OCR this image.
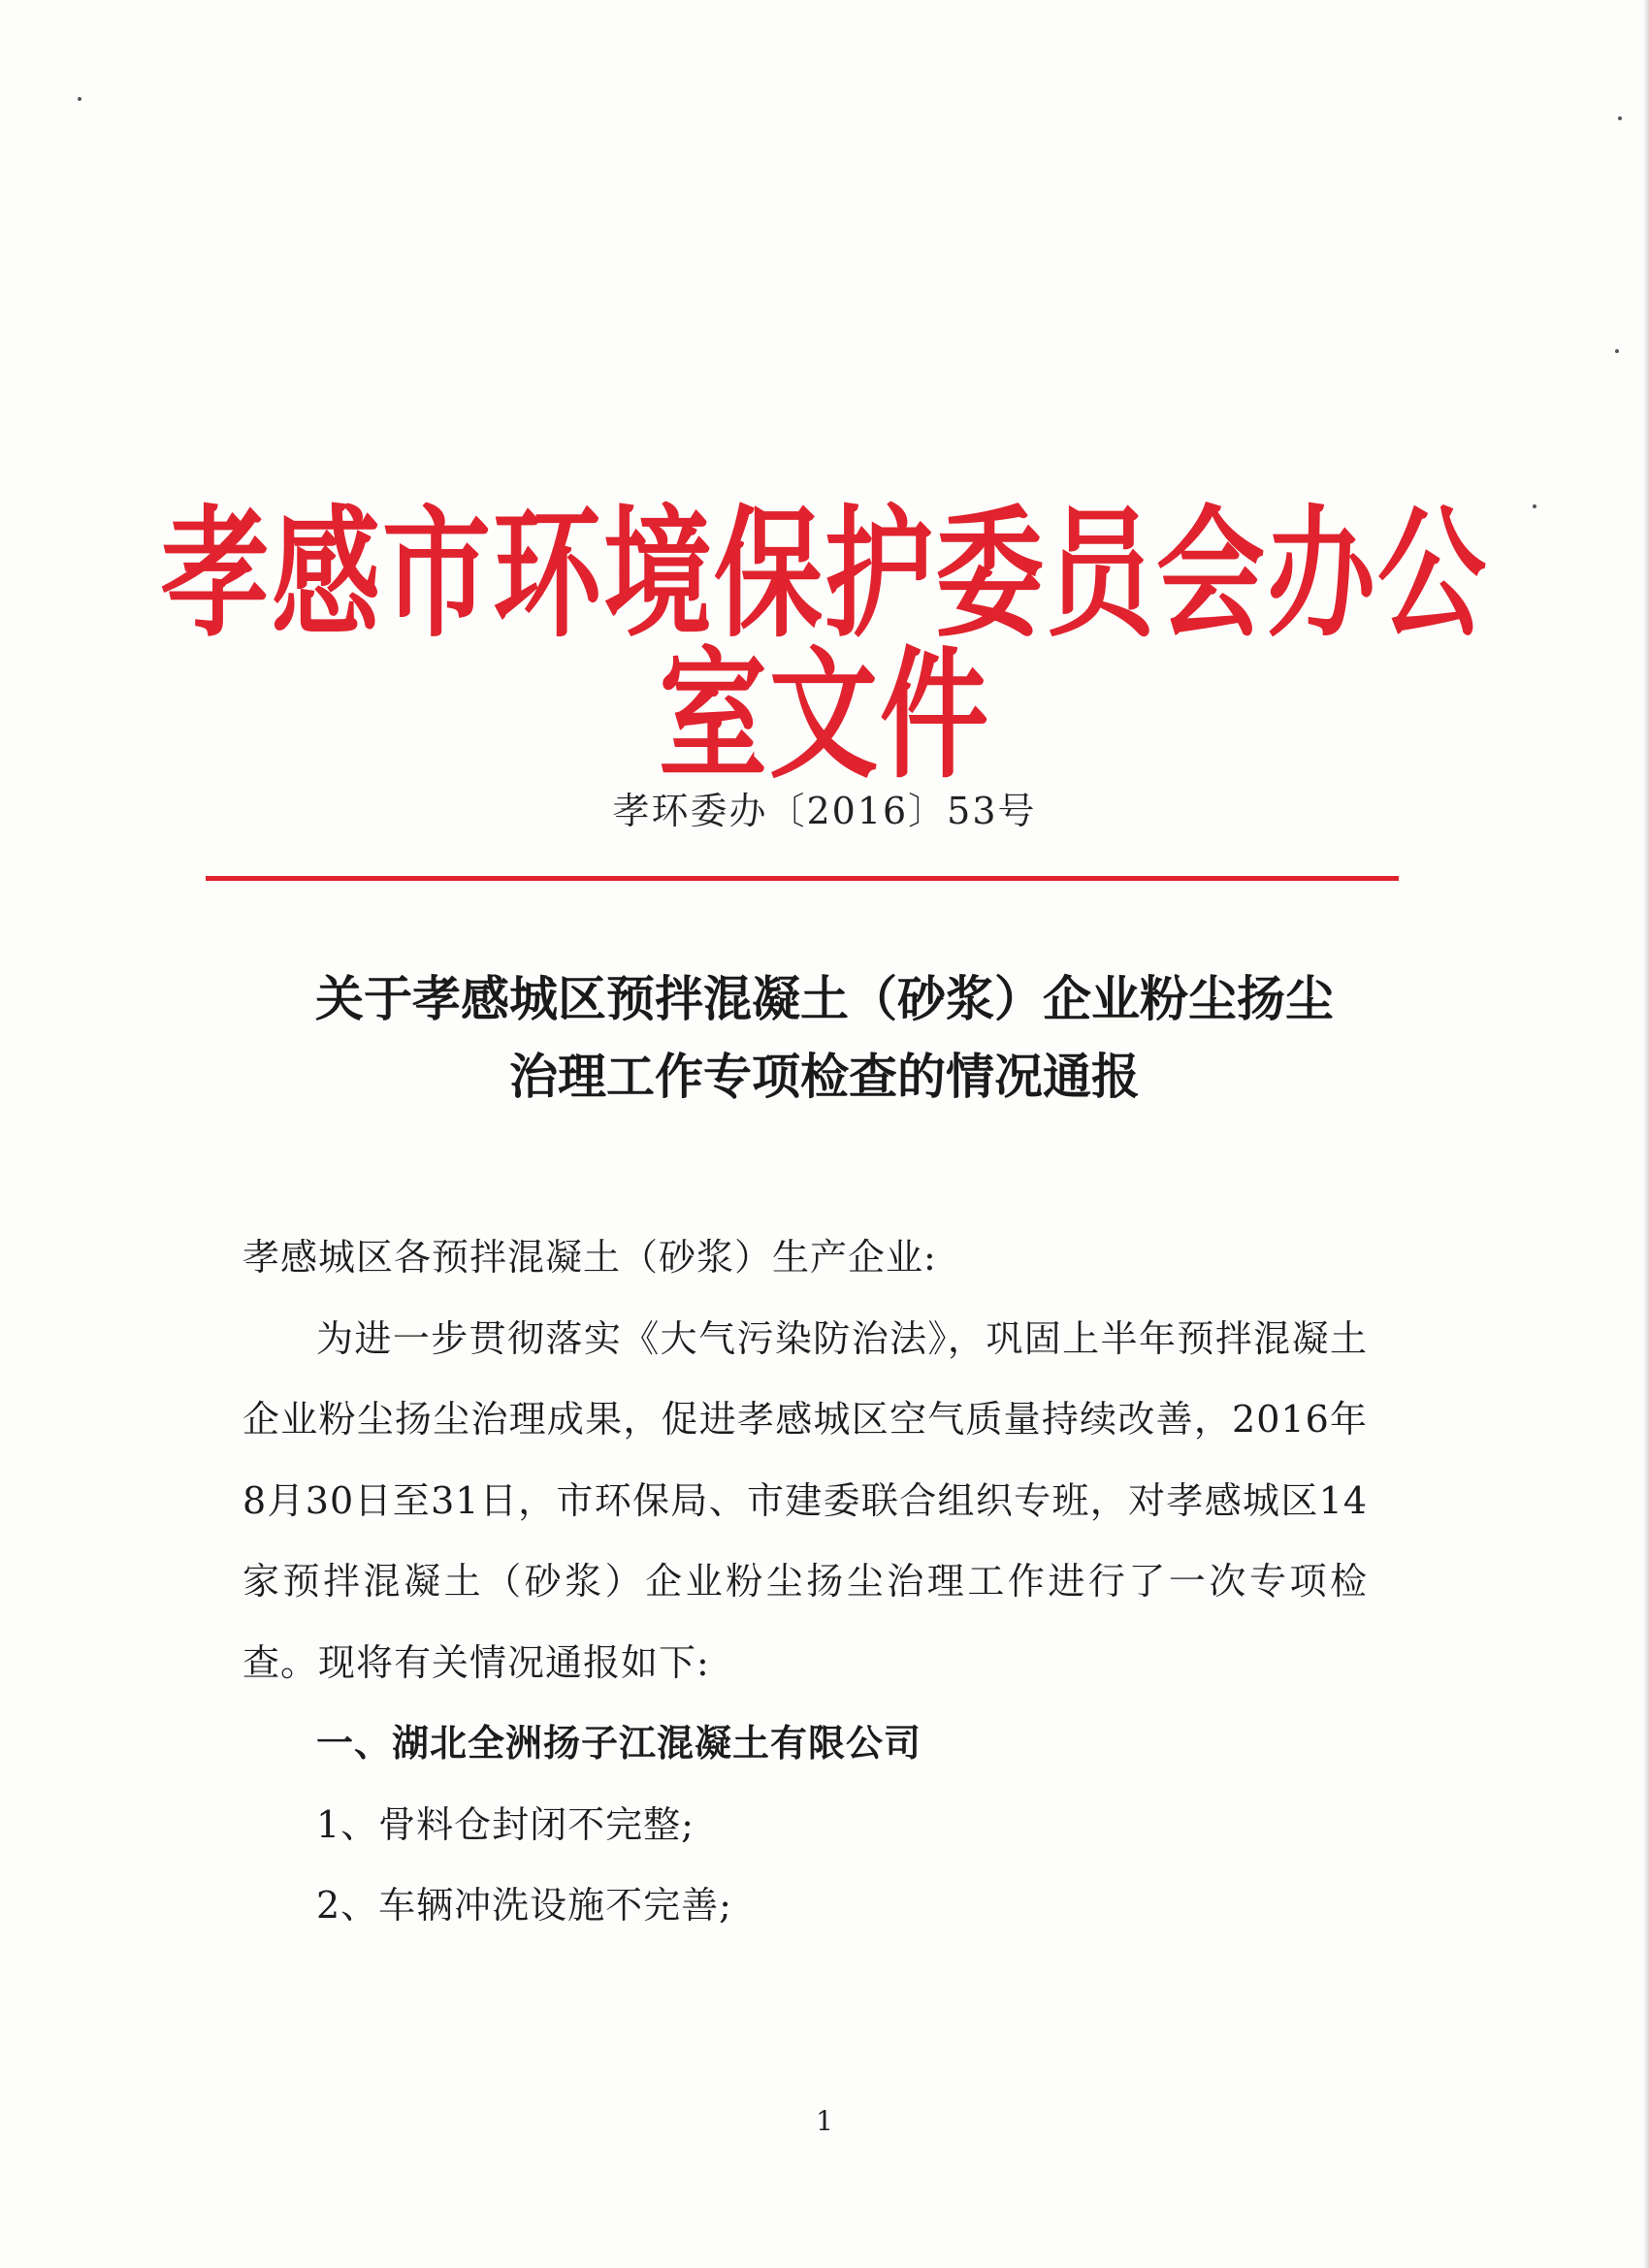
孝感市环境保护委员会办公室文件
孝环委办〔2016〕53号
关于孝感城区预拌混凝土（砂浆）企业粉尘扬尘
治理工作专项检查的情况通报

孝感城区各预拌混凝土（砂浆）生产企业:

为进一步贯彻落实《大气污染防治法》，巩固上半年预拌混凝土企业粉尘扬尘治理成果，促进孝感城区空气质量持续改善，2016年8月30日至31日，市环保局、市建委联合组织专班，对孝感城区14家预拌混凝土（砂浆）企业粉尘扬尘治理工作进行了一次专项检查。现将有关情况通报如下:

一、湖北全洲扬子江混凝土有限公司

1、骨料仓封闭不完整;

2、车辆冲洗设施不完善;

1
